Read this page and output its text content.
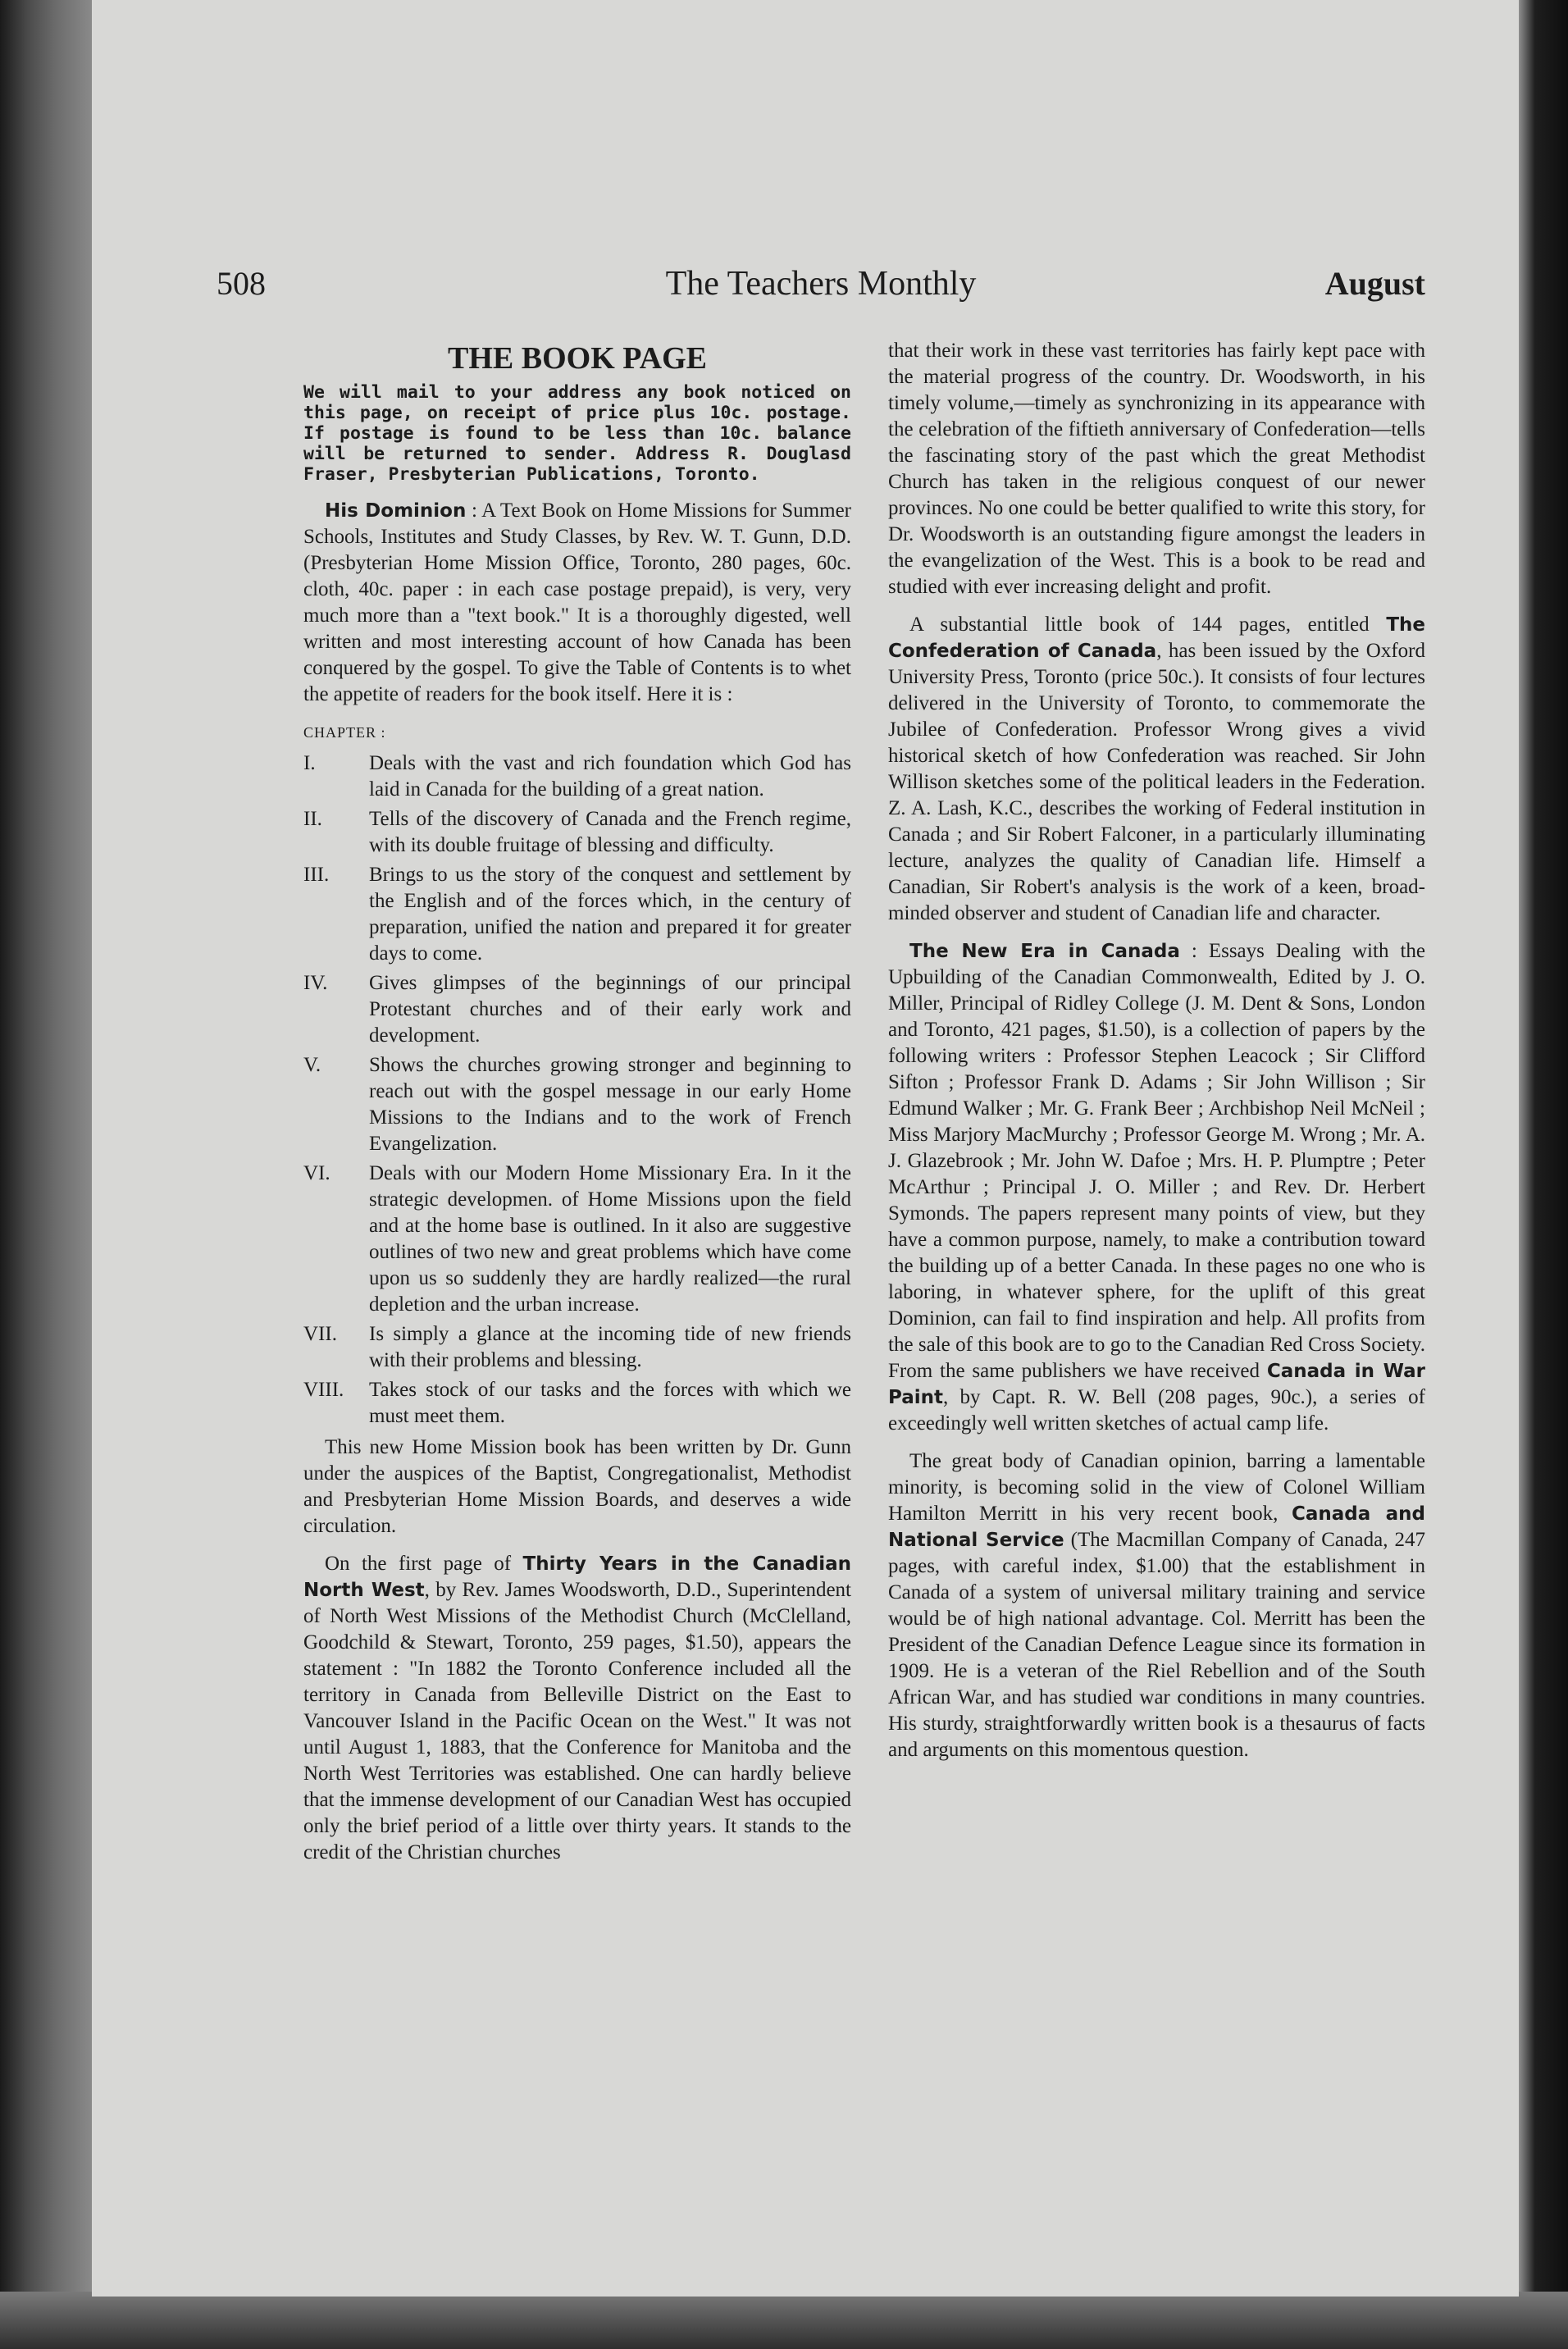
508	The Teachers Monthly	August
THE BOOK PAGE
We will mail to your address any book noticed on this page, on receipt of price plus 10c. postage. If postage is found to be less than 10c. balance will be returned to sender. Address R. Douglasd Fraser, Presbyterian Publications, Toronto.

His Dominion : A Text Book on Home Missions for Summer Schools, Institutes and Study Classes, by Rev. W. T. Gunn, D.D. (Presbyterian Home Mission Office, Toronto, 280 pages, 60c. cloth, 40c. paper : in each case postage prepaid), is very, very much more than a "text book." It is a thoroughly digested, well written and most interesting account of how Canada has been conquered by the gospel. To give the Table of Contents is to whet the appetite of readers for the book itself. Here it is :

CHAPTER :
I.	Deals with the vast and rich foundation which God has laid in Canada for the building of a great nation.
II. Tells of the discovery of Canada and the French regime, with its double fruitage of blessing and difficulty.
III. Brings to us the story of the conquest and settlement by the English and of the forces which, in the century of preparation, unified the nation and prepared it for greater days to come.
IV. Gives glimpses of the beginnings of our principal Protestant churches and of their early work and development.
V. Shows the churches growing stronger and beginning to reach out with the gospel message in our early Home Missions to the Indians and to the work of French Evangelization.
VI. Deals with our Modern Home Missionary Era. In it the strategic developmen. of Home Missions upon the field and at the home base is outlined. In it also are suggestive outlines of two new and great problems which have come upon us so suddenly they are hardly realized—the rural depletion and the urban increase.
VII. Is simply a glance at the incoming tide of new friends with their problems and blessing.
VIII. Takes stock of our tasks and the forces with which we must meet them.

This new Home Mission book has been written by Dr. Gunn under the auspices of the Baptist, Congregationalist, Methodist and Presbyterian Home Mission Boards, and deserves a wide circulation.

On the first page of Thirty Years in the Canadian North West, by Rev. James Woodsworth, D.D., Superintendent of North West Missions of the Methodist Church (McClelland, Goodchild & Stewart, Toronto, 259 pages, $1.50), appears the statement : "In 1882 the Toronto Conference included all the territory in Canada from Belleville District on the East to Vancouver Island in the Pacific Ocean on the West." It was not until August 1, 1883, that the Conference for Manitoba and the North West Territories was established. One can hardly believe that the immense development of our Canadian West has occupied only the brief period of a little over thirty years. It stands to the credit of the Christian churches

that their work in these vast territories has fairly kept pace with the material progress of the country. Dr. Woodsworth, in his timely volume,—timely as synchronizing in its appearance with the celebration of the fiftieth anniversary of Confederation—tells the fascinating story of the past which the great Methodist Church has taken in the religious conquest of our newer provinces. No one could be better qualified to write this story, for Dr. Woodsworth is an outstanding figure amongst the leaders in the evangelization of the West. This is a book to be read and studied with ever increasing delight and profit.

A substantial little book of 144 pages, entitled The Confederation of Canada, has been issued by the Oxford University Press, Toronto (price 50c.). It consists of four lectures delivered in the University of Toronto, to commemorate the Jubilee of Confederation. Professor Wrong gives a vivid historical sketch of how Confederation was reached. Sir John Willison sketches some of the political leaders in the Federation. Z. A. Lash, K.C., describes the working of Federal institution in Canada ; and Sir Robert Falconer, in a particularly illuminating lecture, analyzes the quality of Canadian life. Himself a Canadian, Sir Robert's analysis is the work of a keen, broad-minded observer and student of Canadian life and character.

The New Era in Canada : Essays Dealing with the Upbuilding of the Canadian Commonwealth, Edited by J. O. Miller, Principal of Ridley College (J. M. Dent & Sons, London and Toronto, 421 pages, $1.50), is a collection of papers by the following writers : Professor Stephen Leacock ; Sir Clifford Sifton ; Professor Frank D. Adams ; Sir John Willison ; Sir Edmund Walker ; Mr. G. Frank Beer ; Archbishop Neil McNeil ; Miss Marjory MacMurchy ; Professor George M. Wrong ; Mr. A. J. Glazebrook ; Mr. John W. Dafoe ; Mrs. H. P. Plumptre ; Peter McArthur ; Principal J. O. Miller ; and Rev. Dr. Herbert Symonds. The papers represent many points of view, but they have a common purpose, namely, to make a contribution toward the building up of a better Canada. In these pages no one who is laboring, in whatever sphere, for the uplift of this great Dominion, can fail to find inspiration and help. All profits from the sale of this book are to go to the Canadian Red Cross Society. From the same publishers we have received Canada in War Paint, by Capt. R. W. Bell (208 pages, 90c.), a series of exceedingly well written sketches of actual camp life.

The great body of Canadian opinion, barring a lamentable minority, is becoming solid in the view of Colonel William Hamilton Merritt in his very recent book, Canada and National Service (The Macmillan Company of Canada, 247 pages, with careful index, $1.00) that the establishment in Canada of a system of universal military training and service would be of high national advantage. Col. Merritt has been the President of the Canadian Defence League since its formation in 1909. He is a veteran of the Riel Rebellion and of the South African War, and has studied war conditions in many countries. His sturdy, straightforwardly written book is a thesaurus of facts and arguments on this momentous question.
